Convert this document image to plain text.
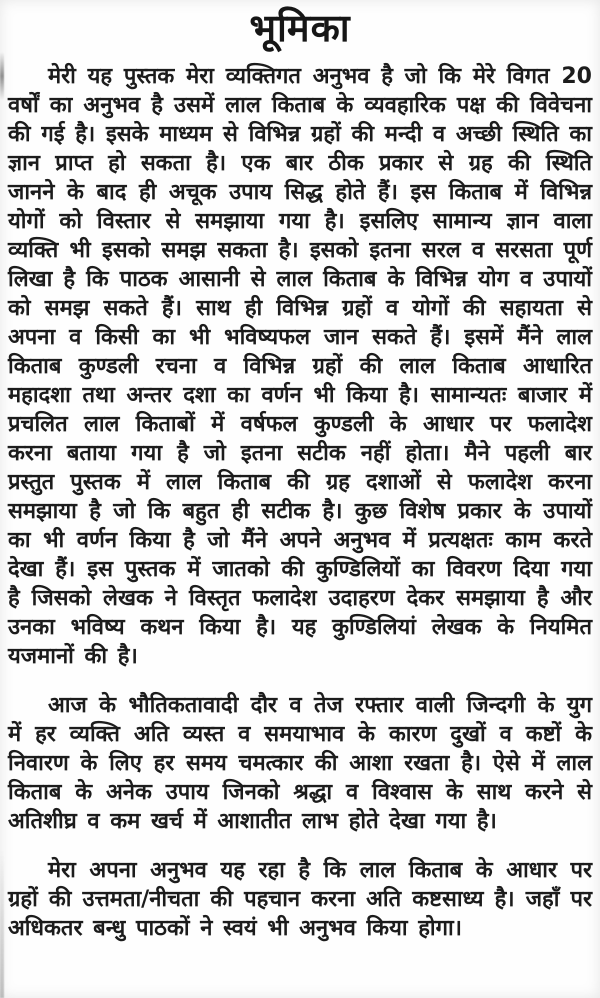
भूमिका

मेरी यह पुस्तक मेरा व्यक्तिगत अनुभव है जो कि मेरे विगत 20 वर्षों का अनुभव है उसमें लाल किताब के व्यवहारिक पक्ष की विवेचना की गई है। इसके माध्यम से विभिन्न ग्रहों की मन्दी व अच्छी स्थिति का ज्ञान प्राप्त हो सकता है। एक बार ठीक प्रकार से ग्रह की स्थिति जानने के बाद ही अचूक उपाय सिद्ध होते हैं। इस किताब में विभिन्न योगों को विस्तार से समझाया गया है। इसलिए सामान्य ज्ञान वाला व्यक्ति भी इसको समझ सकता है। इसको इतना सरल व सरसता पूर्ण लिखा है कि पाठक आसानी से लाल किताब के विभिन्न योग व उपायों को समझ सकते हैं। साथ ही विभिन्न ग्रहों व योगों की सहायता से अपना व किसी का भी भविष्यफल जान सकते हैं। इसमें मैंने लाल किताब कुण्डली रचना व विभिन्न ग्रहों की लाल किताब आधारित महादशा तथा अन्तर दशा का वर्णन भी किया है। सामान्यतः बाजार में प्रचलित लाल किताबों में वर्षफल कुण्डली के आधार पर फलादेश करना बताया गया है जो इतना सटीक नहीं होता। मैने पहली बार प्रस्तुत पुस्तक में लाल किताब की ग्रह दशाओं से फलादेश करना समझाया है जो कि बहुत ही सटीक है। कुछ विशेष प्रकार के उपायों का भी वर्णन किया है जो मैंने अपने अनुभव में प्रत्यक्षतः काम करते देखा हैं। इस पुस्तक में जातको की कुण्डिलियों का विवरण दिया गया है जिसको लेखक ने विस्तृत फलादेश उदाहरण देकर समझाया है और उनका भविष्य कथन किया है। यह कुण्डिलियां लेखक के नियमित यजमानों की है।

आज के भौतिकतावादी दौर व तेज रफ्तार वाली जिन्दगी के युग में हर व्यक्ति अति व्यस्त व समयाभाव के कारण दुखों व कष्टों के निवारण के लिए हर समय चमत्कार की आशा रखता है। ऐसे में लाल किताब के अनेक उपाय जिनको श्रद्धा व विश्वास के साथ करने से अतिशीघ्र व कम खर्च में आशातीत लाभ होते देखा गया है।

मेरा अपना अनुभव यह रहा है कि लाल किताब के आधार पर ग्रहों की उत्तमता/नीचता की पहचान करना अति कष्टसाध्य है। जहाँ पर अधिकतर बन्धु पाठकों ने स्वयं भी अनुभव किया होगा।
